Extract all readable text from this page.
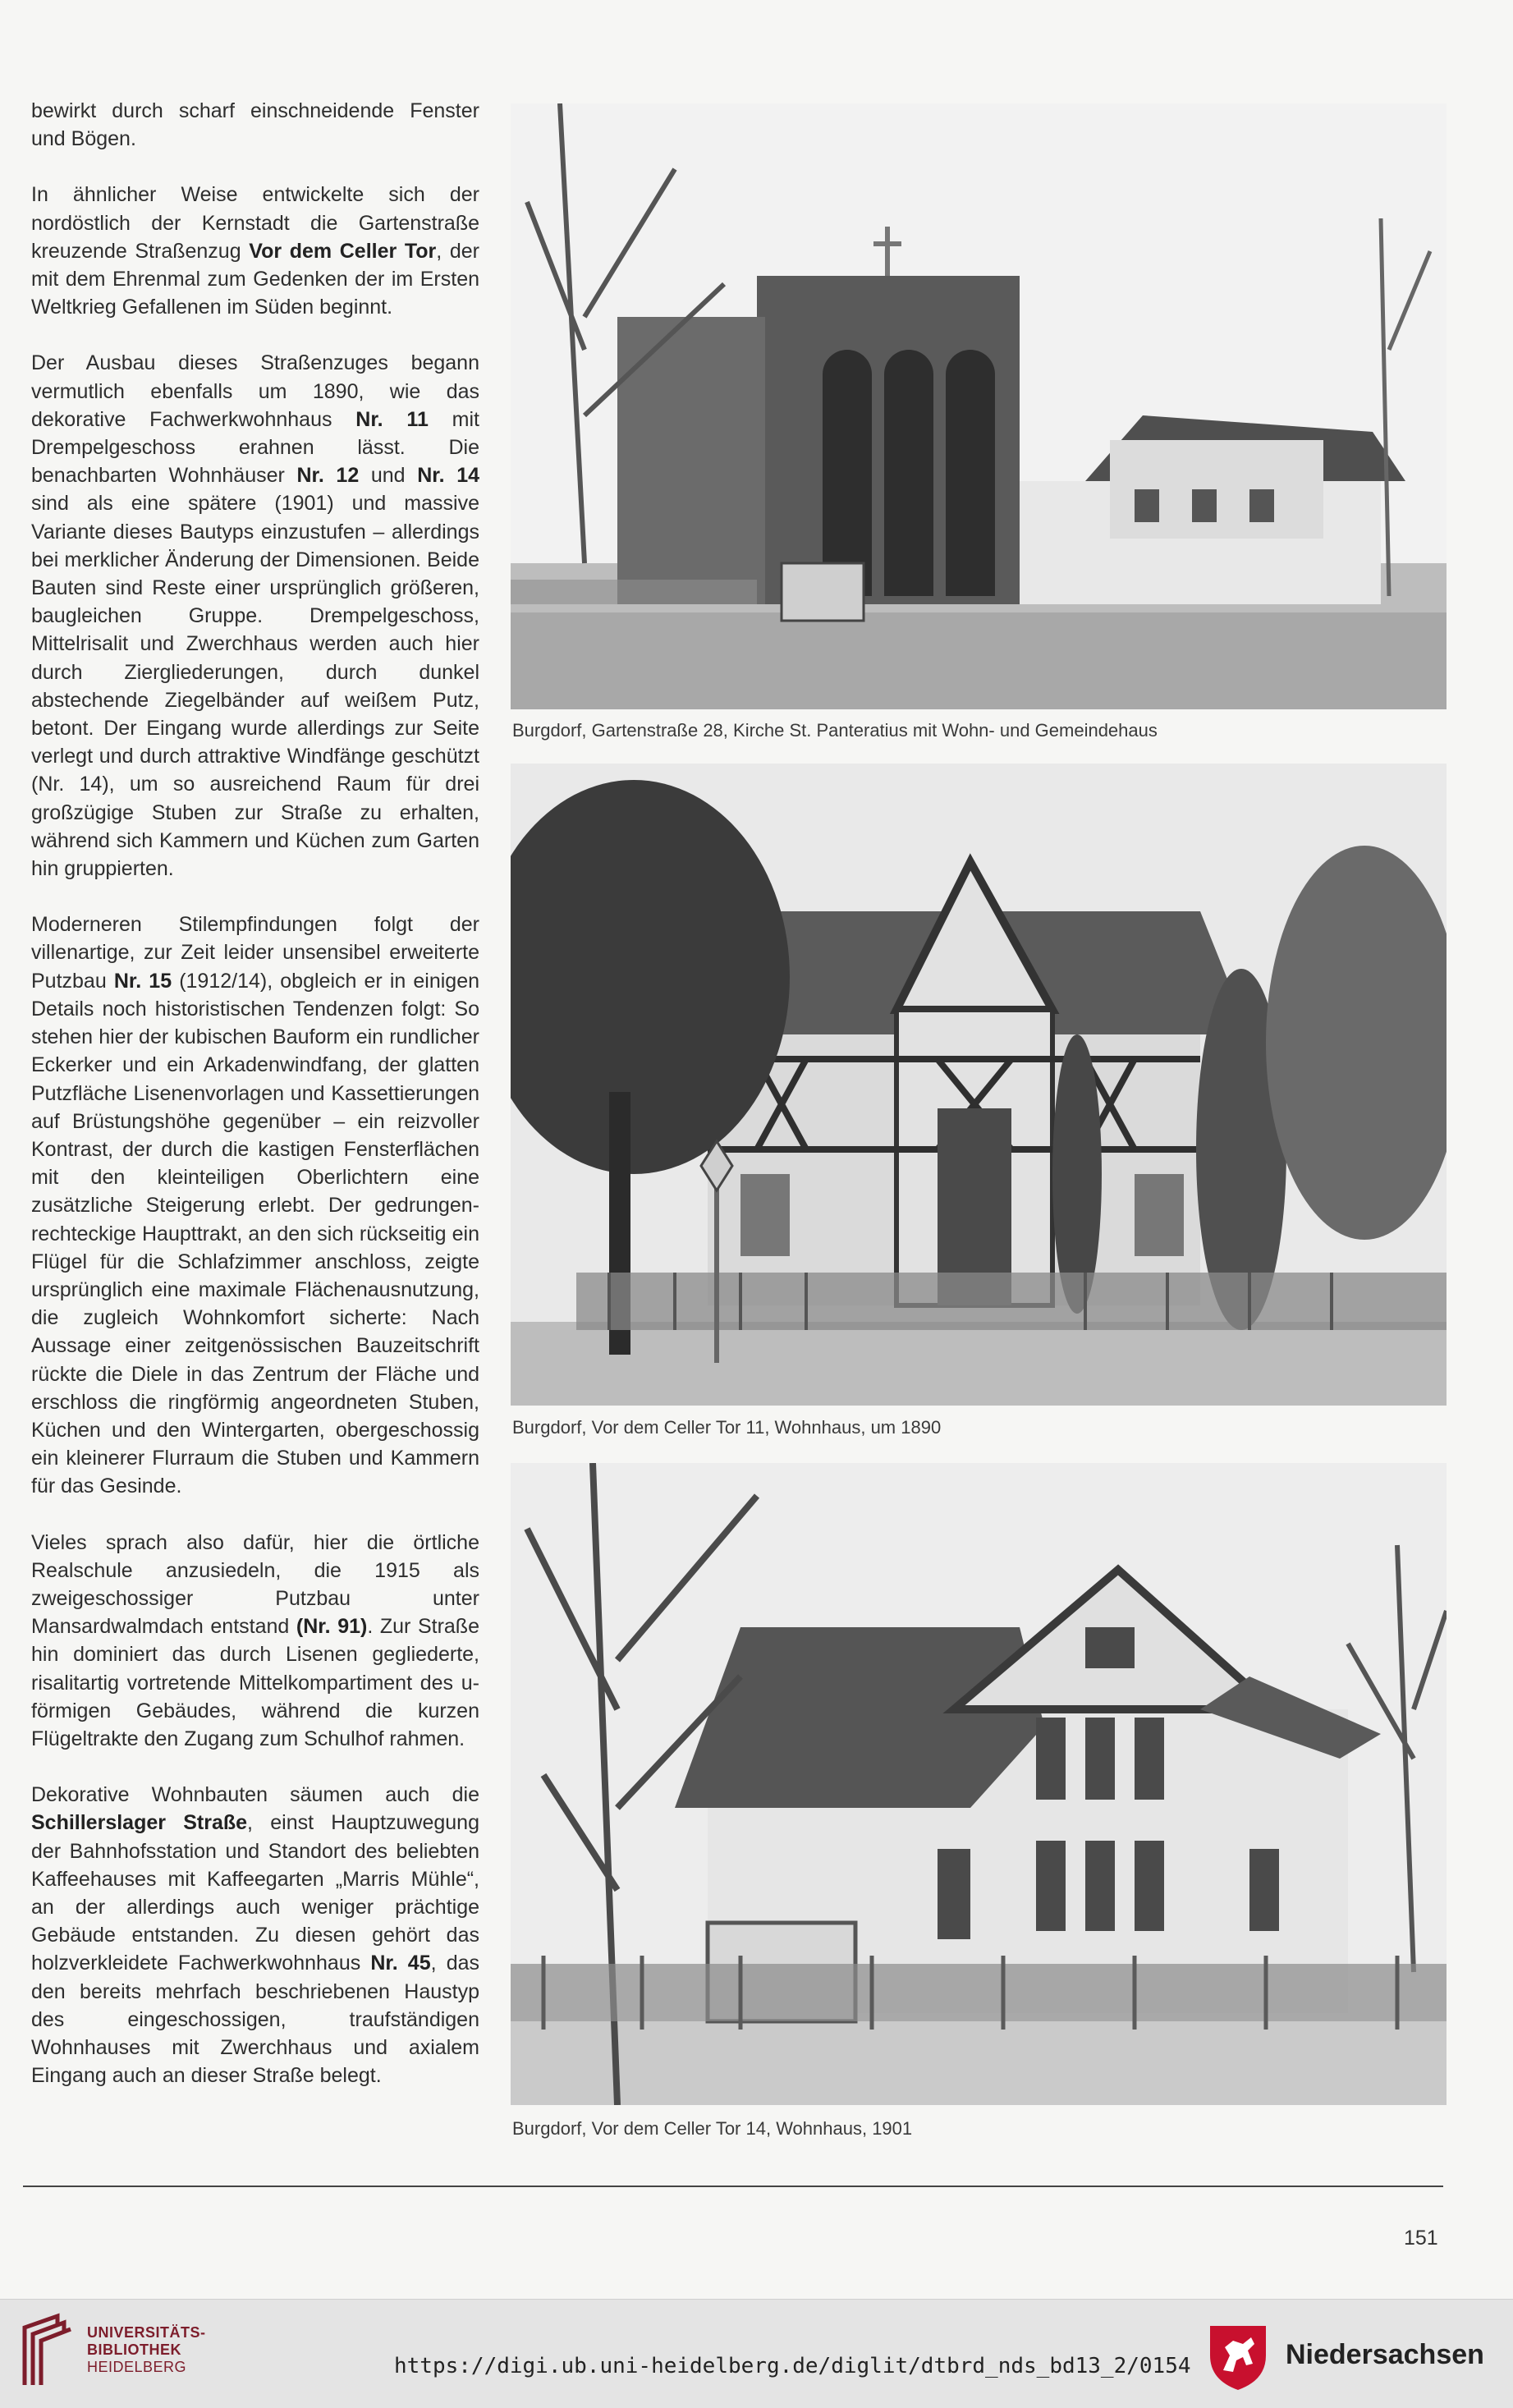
bewirkt durch scharf einschneidende Fenster und Bögen.

In ähnlicher Weise entwickelte sich der nordöstlich der Kernstadt die Gartenstraße kreuzende Straßenzug Vor dem Celler Tor, der mit dem Ehrenmal zum Gedenken der im Ersten Weltkrieg Gefallenen im Süden beginnt.

Der Ausbau dieses Straßenzuges begann vermutlich ebenfalls um 1890, wie das dekorative Fachwerkwohnhaus Nr. 11 mit Drempelgeschoss erahnen lässt. Die benachbarten Wohnhäuser Nr. 12 und Nr. 14 sind als eine spätere (1901) und massive Variante dieses Bautyps einzustufen – allerdings bei merklicher Änderung der Dimensionen. Beide Bauten sind Reste einer ursprünglich größeren, baugleichen Gruppe. Drempelgeschoss, Mittelrisalit und Zwerchhaus werden auch hier durch Ziergliederungen, durch dunkel abstechende Ziegelbänder auf weißem Putz, betont. Der Eingang wurde allerdings zur Seite verlegt und durch attraktive Windfänge geschützt (Nr. 14), um so ausreichend Raum für drei großzügige Stuben zur Straße zu erhalten, während sich Kammern und Küchen zum Garten hin gruppierten.

Moderneren Stilempfindungen folgt der villenartige, zur Zeit leider unsensibel erweiterte Putzbau Nr. 15 (1912/14), obgleich er in einigen Details noch historistischen Tendenzen folgt: So stehen hier der kubischen Bauform ein rundlicher Eckerker und ein Arkadenwindfang, der glatten Putzfläche Lisenenvorlagen und Kassettierungen auf Brüstungshöhe gegenüber – ein reizvoller Kontrast, der durch die kastigen Fensterflächen mit den kleinteiligen Oberlichtern eine zusätzliche Steigerung erlebt. Der gedrungen-rechteckige Haupttrakt, an den sich rückseitig ein Flügel für die Schlafzimmer anschloss, zeigte ursprünglich eine maximale Flächenausnutzung, die zugleich Wohnkomfort sicherte: Nach Aussage einer zeitgenössischen Bauzeitschrift rückte die Diele in das Zentrum der Fläche und erschloss die ringförmig angeordneten Stuben, Küchen und den Wintergarten, obergeschossig ein kleinerer Flurraum die Stuben und Kammern für das Gesinde.

Vieles sprach also dafür, hier die örtliche Realschule anzusiedeln, die 1915 als zweigeschossiger Putzbau unter Mansardwalmdach entstand (Nr. 91). Zur Straße hin dominiert das durch Lisenen gegliederte, risalitartig vortretende Mittelkompartiment des u-förmigen Gebäudes, während die kurzen Flügeltrakte den Zugang zum Schulhof rahmen.

Dekorative Wohnbauten säumen auch die Schillerslager Straße, einst Hauptzuwegung der Bahnhofsstation und Standort des beliebten Kaffeehauses mit Kaffeegarten „Marris Mühle“, an der allerdings auch weniger prächtige Gebäude entstanden. Zu diesen gehört das holzverkleidete Fachwerkwohnhaus Nr. 45, das den bereits mehrfach beschriebenen Haustyp des eingeschossigen, traufständigen Wohnhauses mit Zwerchhaus und axialem Eingang auch an dieser Straße belegt.

Burgdorf, Gartenstraße 28, Kirche St. Panteratius mit Wohn- und Gemeindehaus
Burgdorf, Vor dem Celler Tor 11, Wohnhaus, um 1890
Burgdorf, Vor dem Celler Tor 14, Wohnhaus, 1901
151
UNIVERSITÄTS-
BIBLIOTHEK
HEIDELBERG	https://digi.ub.uni-heidelberg.de/diglit/dtbrd_nds_bd13_2/0154	Niedersachsen
